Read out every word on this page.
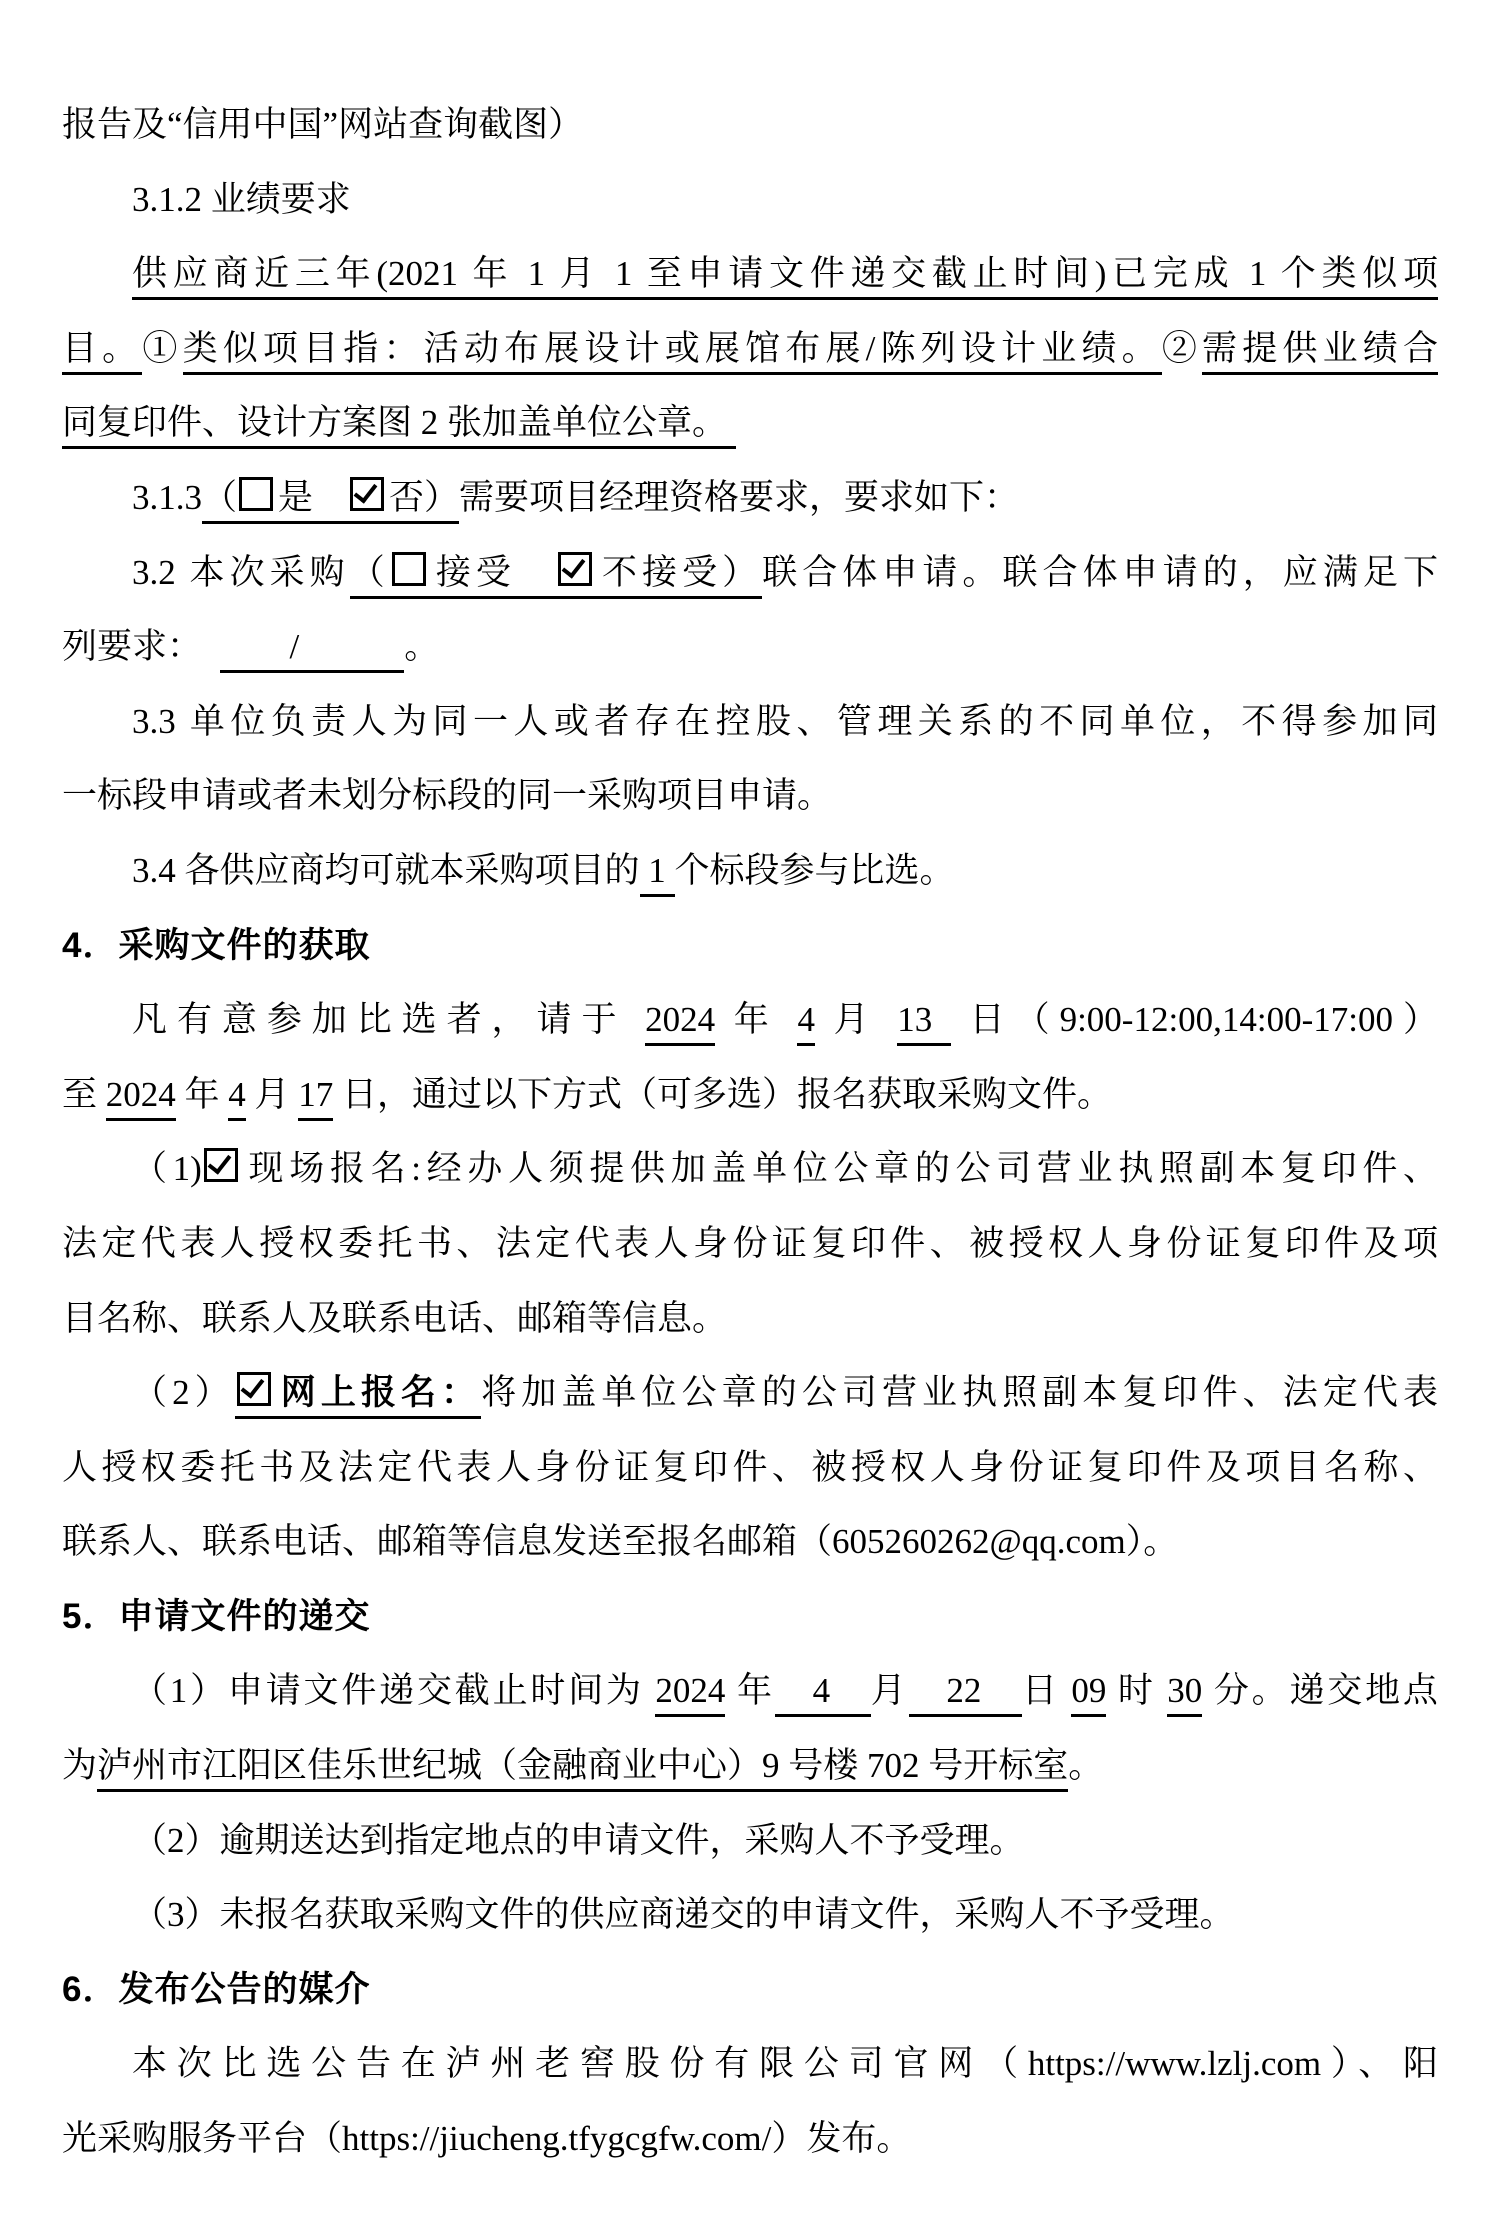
报告及“信用中国”网站查询截图）
3.1.2 业绩要求
供应商近三年(2021 年 1 月 1 至申请文件递交截止时间)已完成 1 个类似项
目。①类似项目指：活动布展设计或展馆布展/陈列设计业绩。②需提供业绩合
同复印件、设计方案图 2 张加盖单位公章。
3.1.3（ 是　否）需要项目经理资格要求，要求如下：
3.2 本次采购（ 接受　不接受）联合体申请。联合体申请的，应满足下
列要求：  　　/　　　。
3.3 单位负责人为同一人或者存在控股、管理关系的不同单位，不得参加同
一标段申请或者未划分标段的同一采购项目申请。
3.4 各供应商均可就本采购项目的 1 个标段参与比选。
4．采购文件的获取
凡有意参加比选者，请于 2024 年 4 月 13  日（9:00-12:00,14:00-17:00）
至 2024 年 4 月 17 日，通过以下方式（可多选）报名获取采购文件。
（1) 现场报名:经办人须提供加盖单位公章的公司营业执照副本复印件、
法定代表人授权委托书、法定代表人身份证复印件、被授权人身份证复印件及项
目名称、联系人及联系电话、邮箱等信息。
（2） 网上报名：将加盖单位公章的公司营业执照副本复印件、法定代表
人授权委托书及法定代表人身份证复印件、被授权人身份证复印件及项目名称、
联系人、联系电话、邮箱等信息发送至报名邮箱（605260262@qq.com）。
5．申请文件的递交
（1）申请文件递交截止时间为 2024 年　4　月　22　日 09 时 30 分。递交地点
为泸州市江阳区佳乐世纪城（金融商业中心）9 号楼 702 号开标室。
（2）逾期送达到指定地点的申请文件，采购人不予受理。
（3）未报名获取采购文件的供应商递交的申请文件，采购人不予受理。
6．发布公告的媒介
本次比选公告在泸州老窖股份有限公司官网（https://www.lzlj.com）、阳
光采购服务平台（https://jiucheng.tfygcgfw.com/）发布。
